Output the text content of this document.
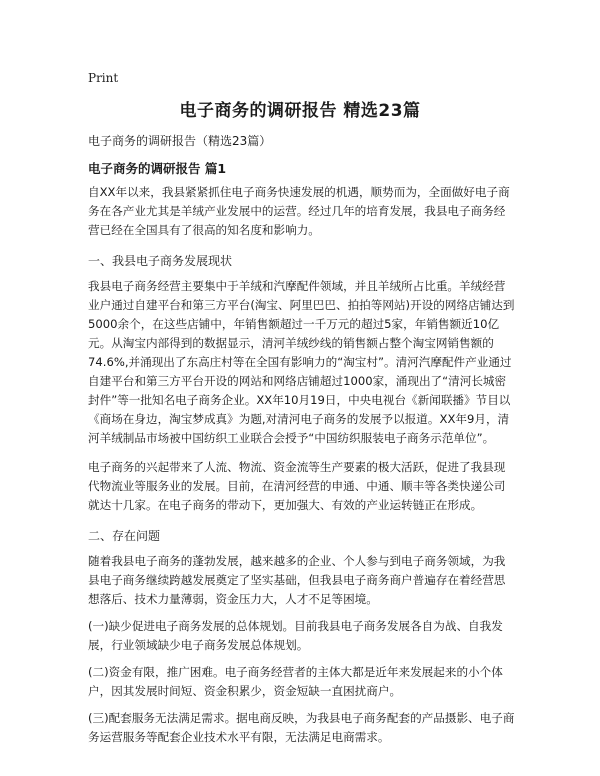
Print
电子商务的调研报告 精选23篇
电子商务的调研报告（精选23篇）
电子商务的调研报告 篇1
自XX年以来，我县紧紧抓住电子商务快速发展的机遇，顺势而为，全面做好电子商务在各产业尤其是羊绒产业发展中的运营。经过几年的培育发展，我县电子商务经营已经在全国具有了很高的知名度和影响力。
一、我县电子商务发展现状
我县电子商务经营主要集中于羊绒和汽摩配件领域，并且羊绒所占比重。羊绒经营业户通过自建平台和第三方平台(淘宝、阿里巴巴、拍拍等网站)开设的网络店铺达到5000余个，在这些店铺中，年销售额超过一千万元的超过5家，年销售额近10亿元。从淘宝内部得到的数据显示，清河羊绒纱线的销售额占整个淘宝网销售额的74.6%,并涌现出了东高庄村等在全国有影响力的“淘宝村”。清河汽摩配件产业通过自建平台和第三方平台开设的网站和网络店铺超过1000家，涌现出了“清河长城密封件”等一批知名电子商务企业。XX年10月19日，中央电视台《新闻联播》节目以《商场在身边，淘宝梦成真》为题,对清河电子商务的发展予以报道。XX年9月，清河羊绒制品市场被中国纺织工业联合会授予“中国纺织服装电子商务示范单位”。
电子商务的兴起带来了人流、物流、资金流等生产要素的极大活跃，促进了我县现代物流业等服务业的发展。目前，在清河经营的申通、中通、顺丰等各类快递公司就达十几家。在电子商务的带动下，更加强大、有效的产业运转链正在形成。
二、存在问题
随着我县电子商务的蓬勃发展，越来越多的企业、个人参与到电子商务领域，为我县电子商务继续跨越发展奠定了坚实基础，但我县电子商务商户普遍存在着经营思想落后、技术力量薄弱，资金压力大，人才不足等困境。
(一)缺少促进电子商务发展的总体规划。目前我县电子商务发展各自为战、自我发展，行业领域缺少电子商务发展总体规划。
(二)资金有限，推广困难。电子商务经营者的主体大都是近年来发展起来的小个体户，因其发展时间短、资金积累少，资金短缺一直困扰商户。
(三)配套服务无法满足需求。据电商反映，为我县电子商务配套的产品摄影、电子商务运营服务等配套企业技术水平有限，无法满足电商需求。
